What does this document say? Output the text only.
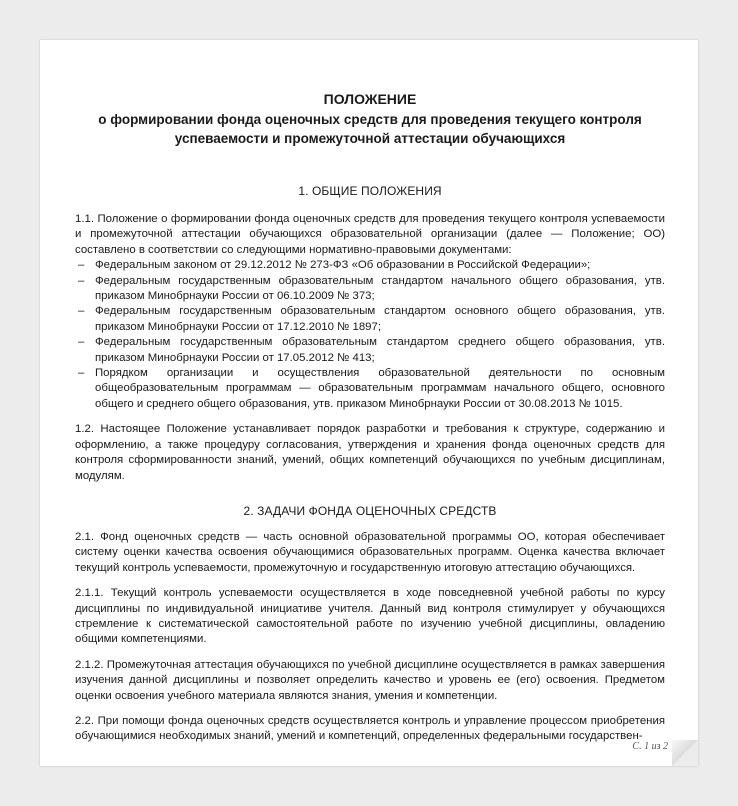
ПОЛОЖЕНИЕ
о формировании фонда оценочных средств для проведения текущего контроля
успеваемости и промежуточной аттестации обучающихся
1. ОБЩИЕ ПОЛОЖЕНИЯ

1.1. Положение о формировании фонда оценочных средств для проведения текущего контроля успеваемости и промежуточной аттестации обучающихся образовательной организации (далее — Положение; ОО) составлено в соответствии со следующими нормативно-правовыми документами:

– Федеральным законом от 29.12.2012 № 273-ФЗ «Об образовании в Российской Федерации»;
– Федеральным государственным образовательным стандартом начального общего образования, утв. приказом Минобрнауки России от 06.10.2009 № 373;
– Федеральным государственным образовательным стандартом основного общего образования, утв. приказом Минобрнауки России от 17.12.2010 № 1897;
– Федеральным государственным образовательным стандартом среднего общего образования, утв. приказом Минобрнауки России от 17.05.2012 № 413;
– Порядком организации и осуществления образовательной деятельности по основным общеобразовательным программам — образовательным программам начального общего, основного общего и среднего общего образования, утв. приказом Минобрнауки России от 30.08.2013 № 1015.

1.2. Настоящее Положение устанавливает порядок разработки и требования к структуре, содержанию и оформлению, а также процедуру согласования, утверждения и хранения фонда оценочных средств для контроля сформированности знаний, умений, общих компетенций обучающихся по учебным дисциплинам, модулям.

2. ЗАДАЧИ ФОНДА ОЦЕНОЧНЫХ СРЕДСТВ

2.1. Фонд оценочных средств — часть основной образовательной программы ОО, которая обеспечивает систему оценки качества освоения обучающимися образовательных программ. Оценка качества включает текущий контроль успеваемости, промежуточную и государственную итоговую аттестацию обучающихся.

2.1.1. Текущий контроль успеваемости осуществляется в ходе повседневной учебной работы по курсу дисциплины по индивидуальной инициативе учителя. Данный вид контроля стимулирует у обучающихся стремление к систематической самостоятельной работе по изучению учебной дисциплины, овладению общими компетенциями.

2.1.2. Промежуточная аттестация обучающихся по учебной дисциплине осуществляется в рамках завершения изучения данной дисциплины и позволяет определить качество и уровень ее (его) освоения. Предметом оценки освоения учебного материала являются знания, умения и компетенции.

2.2. При помощи фонда оценочных средств осуществляется контроль и управление процессом приобретения обучающимися необходимых знаний, умений и компетенций, определенных федеральными государствен-

С. 1 из 2
